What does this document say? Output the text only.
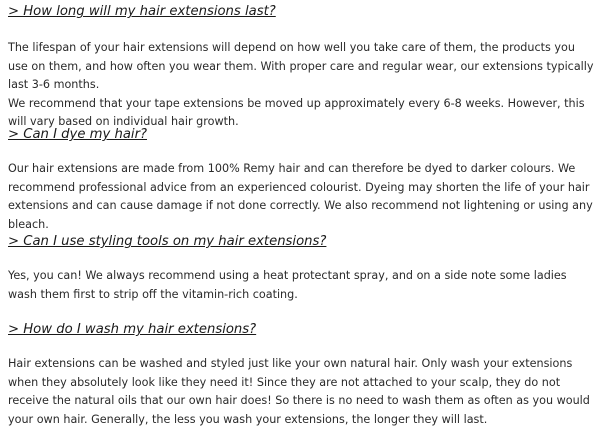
> How long will my hair extensions last?

The lifespan of your hair extensions will depend on how well you take care of them, the products you use on them, and how often you wear them. With proper care and regular wear, our extensions typically last 3-6 months.
We recommend that your tape extensions be moved up approximately every 6-8 weeks. However, this will vary based on individual hair growth.

> Can I dye my hair?

Our hair extensions are made from 100% Remy hair and can therefore be dyed to darker colours. We recommend professional advice from an experienced colourist. Dyeing may shorten the life of your hair extensions and can cause damage if not done correctly. We also recommend not lightening or using any bleach.

> Can I use styling tools on my hair extensions?

Yes, you can! We always recommend using a heat protectant spray, and on a side note some ladies wash them first to strip off the vitamin-rich coating.

> How do I wash my hair extensions?

Hair extensions can be washed and styled just like your own natural hair. Only wash your extensions when they absolutely look like they need it! Since they are not attached to your scalp, they do not receive the natural oils that our own hair does! So there is no need to wash them as often as you would your own hair. Generally, the less you wash your extensions, the longer they will last.
